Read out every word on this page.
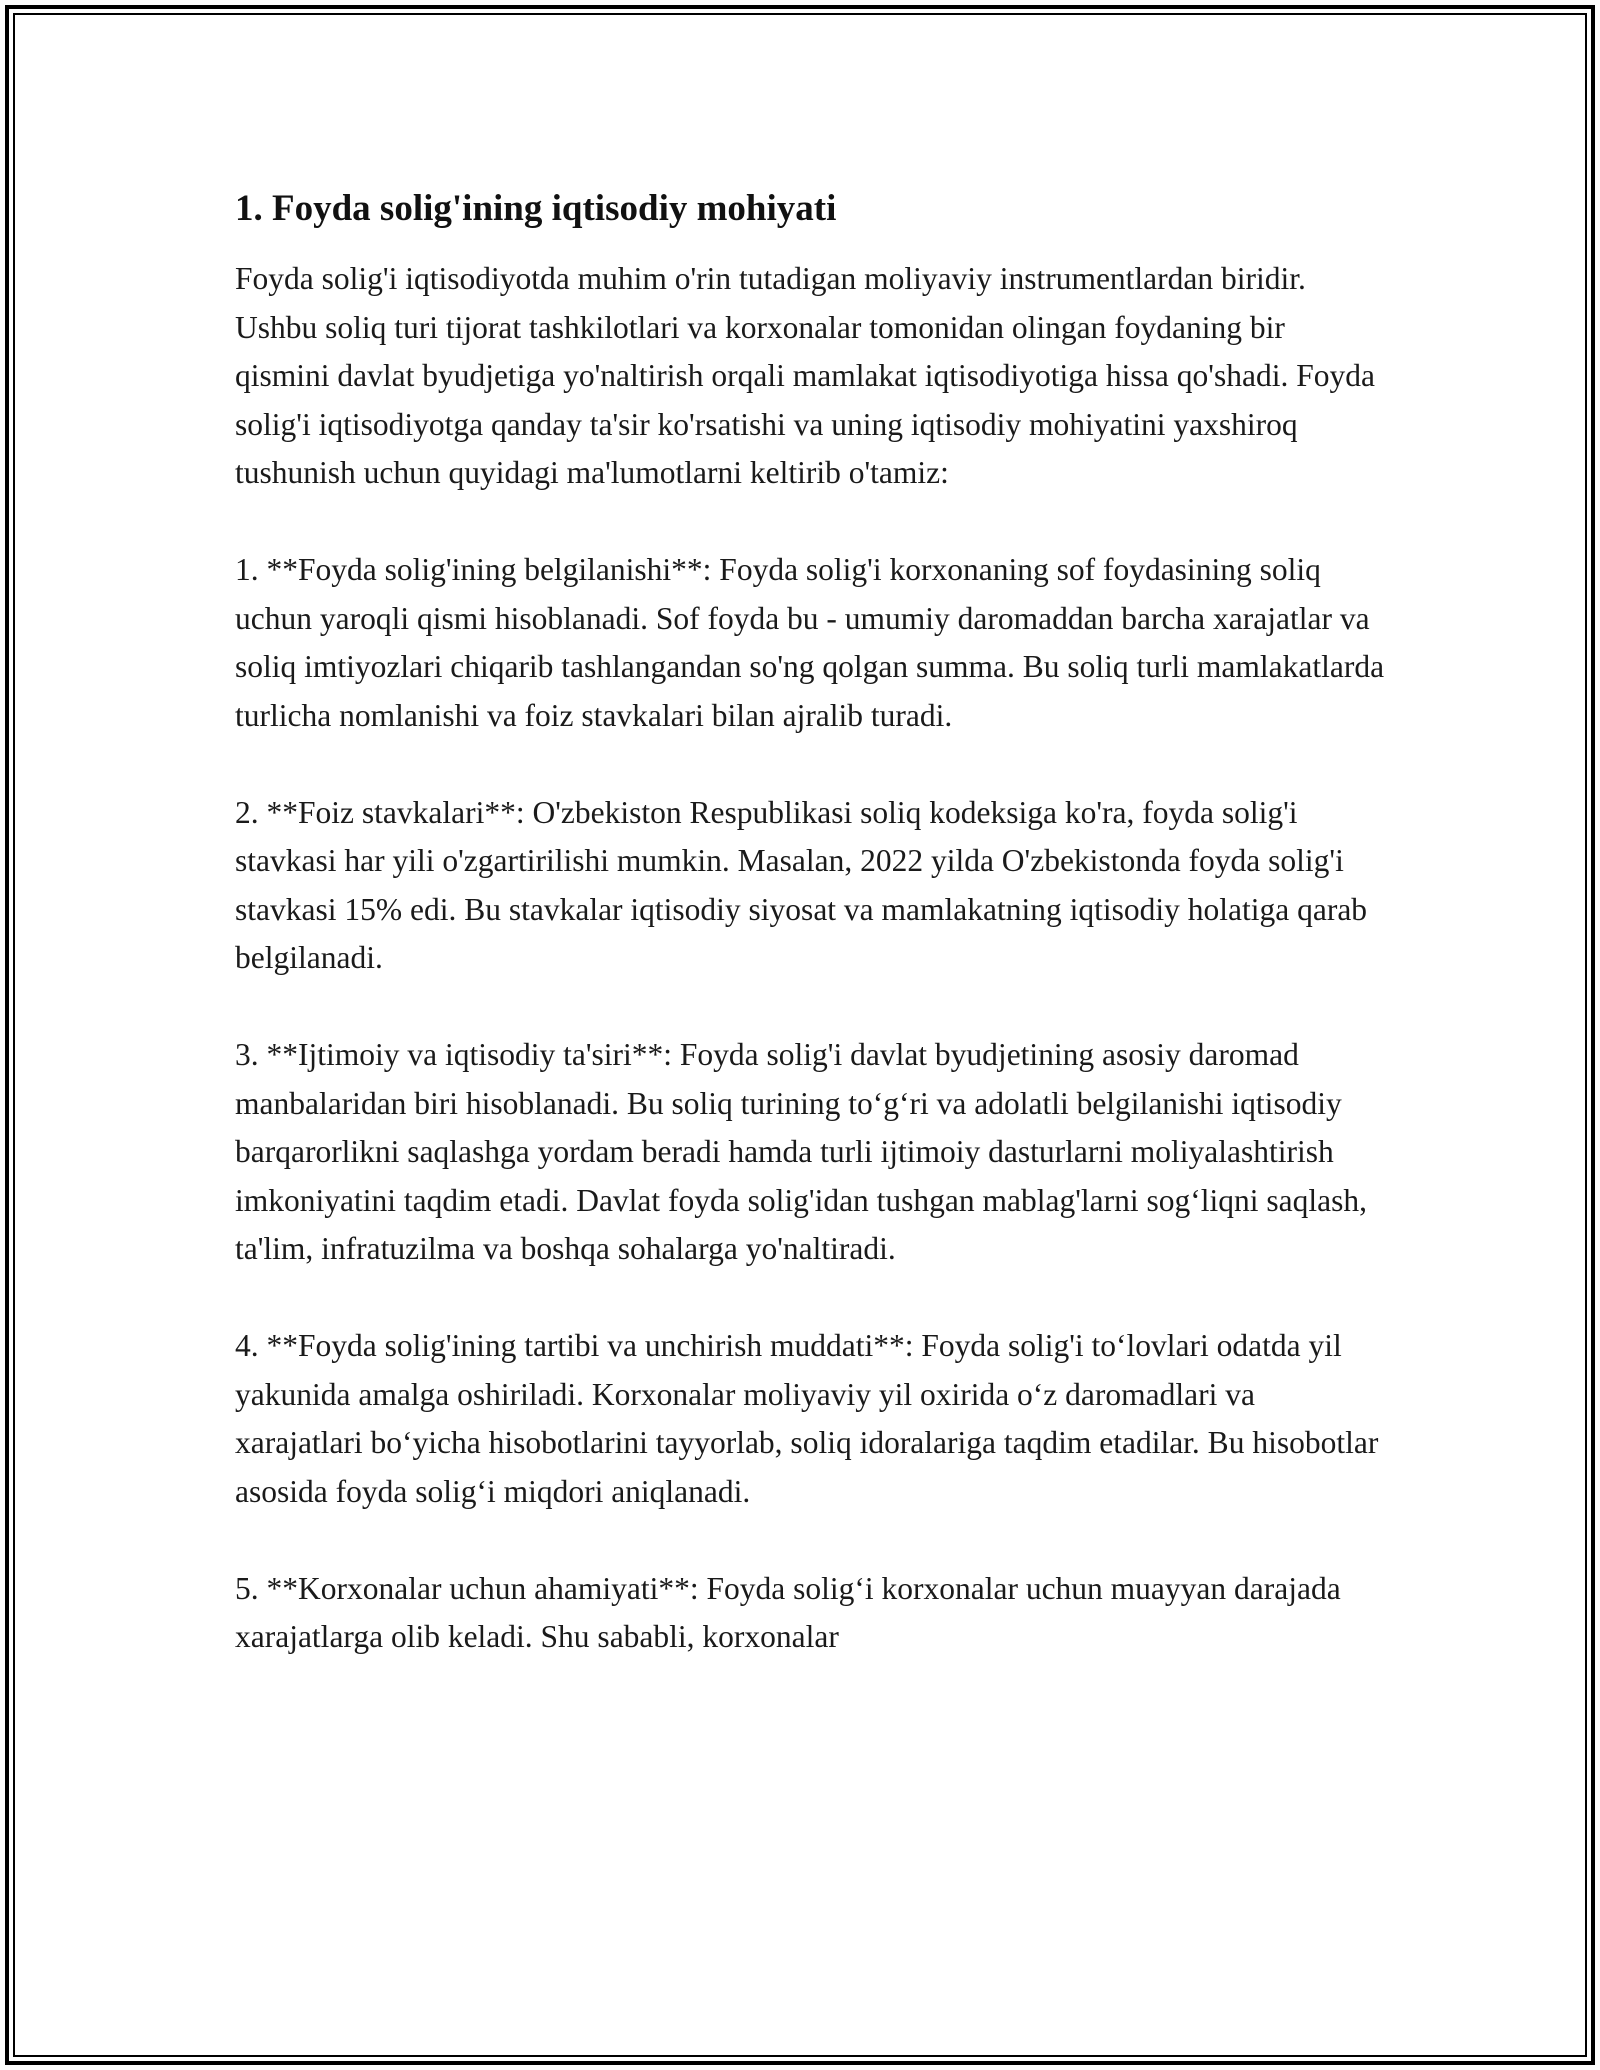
1. Foyda solig'ining iqtisodiy mohiyati

Foyda solig'i iqtisodiyotda muhim o'rin tutadigan moliyaviy instrumentlardan biridir. Ushbu soliq turi tijorat tashkilotlari va korxonalar tomonidan olingan foydaning bir qismini davlat byudjetiga yo'naltirish orqali mamlakat iqtisodiyotiga hissa qo'shadi. Foyda solig'i iqtisodiyotga qanday ta'sir ko'rsatishi va uning iqtisodiy mohiyatini yaxshiroq tushunish uchun quyidagi ma'lumotlarni keltirib o'tamiz:

1. **Foyda solig'ining belgilanishi**: Foyda solig'i korxonaning sof foydasining soliq uchun yaroqli qismi hisoblanadi. Sof foyda bu - umumiy daromaddan barcha xarajatlar va soliq imtiyozlari chiqarib tashlangandan so'ng qolgan summa. Bu soliq turli mamlakatlarda turlicha nomlanishi va foiz stavkalari bilan ajralib turadi.

2. **Foiz stavkalari**: O'zbekiston Respublikasi soliq kodeksiga ko'ra, foyda solig'i stavkasi har yili o'zgartirilishi mumkin. Masalan, 2022 yilda O'zbekistonda foyda solig'i stavkasi 15% edi. Bu stavkalar iqtisodiy siyosat va mamlakatning iqtisodiy holatiga qarab belgilanadi.

3. **Ijtimoiy va iqtisodiy ta'siri**: Foyda solig'i davlat byudjetining asosiy daromad manbalaridan biri hisoblanadi. Bu soliq turining to‘g‘ri va adolatli belgilanishi iqtisodiy barqarorlikni saqlashga yordam beradi hamda turli ijtimoiy dasturlarni moliyalashtirish imkoniyatini taqdim etadi. Davlat foyda solig'idan tushgan mablag'larni sog‘liqni saqlash, ta'lim, infratuzilma va boshqa sohalarga yo'naltiradi.

4. **Foyda solig'ining tartibi va unchirish muddati**: Foyda solig'i to‘lovlari odatda yil yakunida amalga oshiriladi. Korxonalar moliyaviy yil oxirida o‘z daromadlari va xarajatlari bo‘yicha hisobotlarini tayyorlab, soliq idoralariga taqdim etadilar. Bu hisobotlar asosida foyda solig‘i miqdori aniqlanadi.

5. **Korxonalar uchun ahamiyati**: Foyda solig‘i korxonalar uchun muayyan darajada xarajatlarga olib keladi. Shu sababli, korxonalar
